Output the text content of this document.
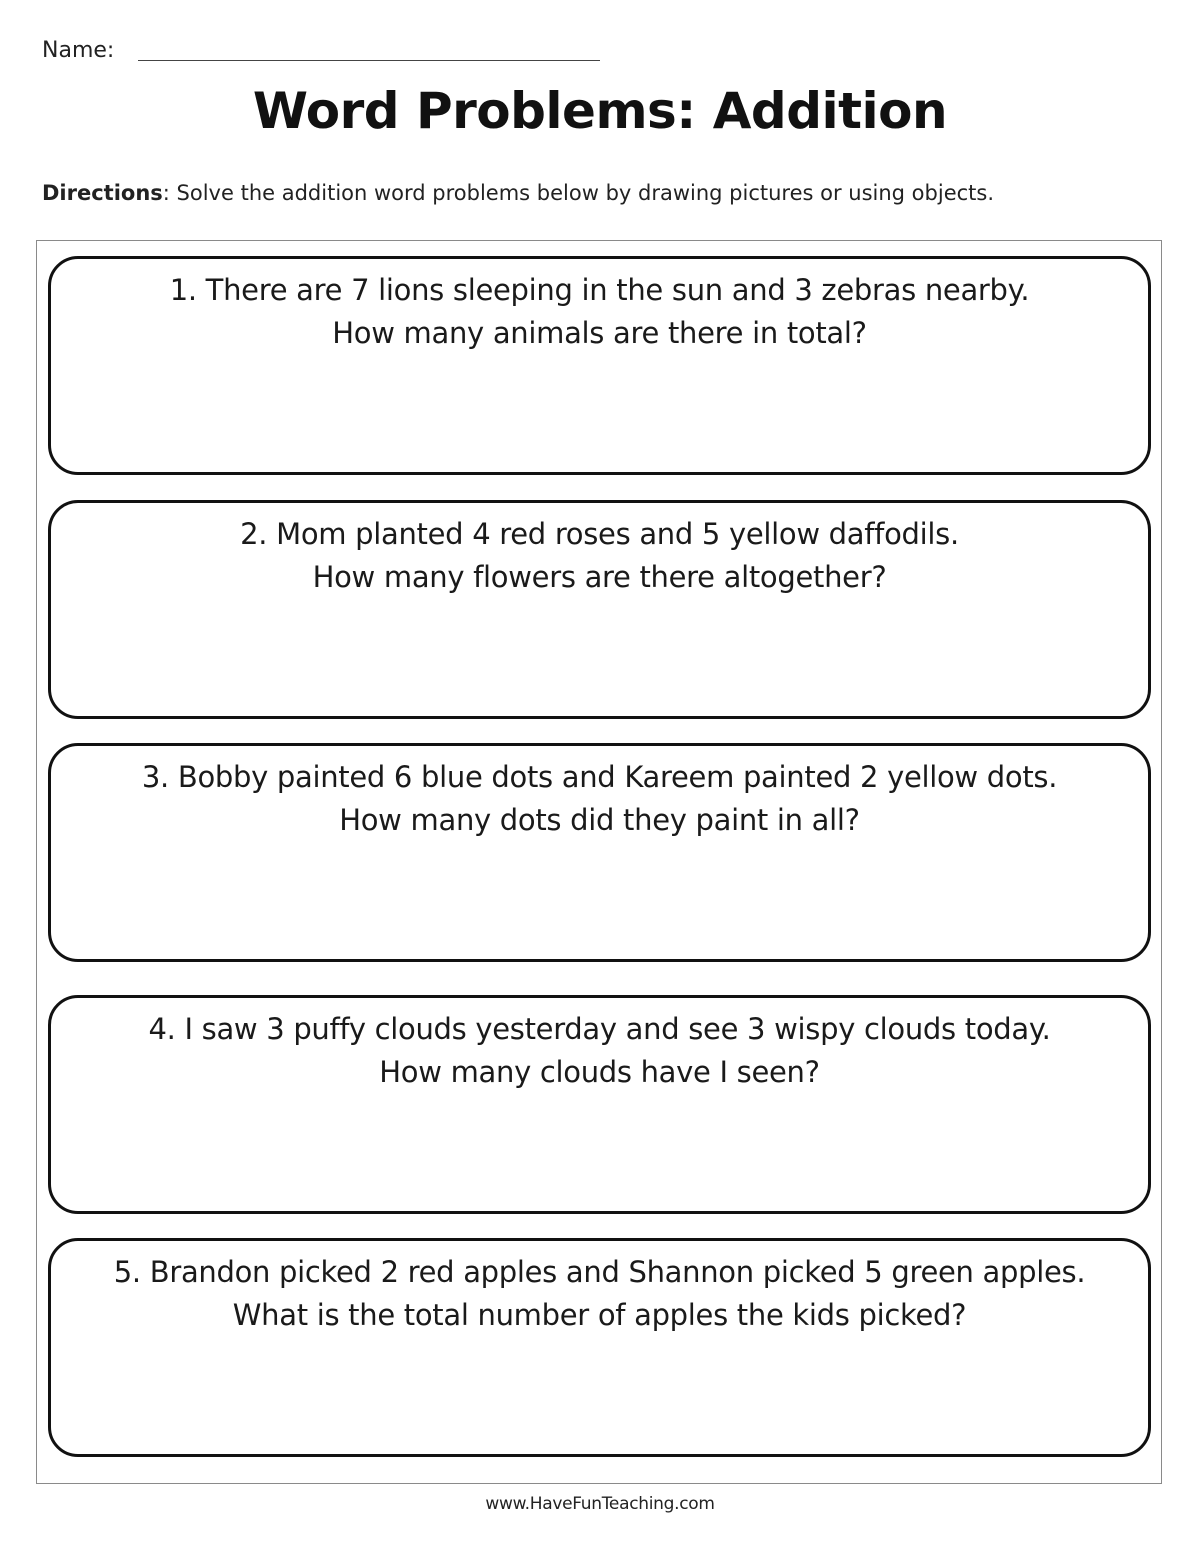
Name:
Word Problems: Addition
Directions: Solve the addition word problems below by drawing pictures or using objects.
1. There are 7 lions sleeping in the sun and 3 zebras nearby.
How many animals are there in total?
2. Mom planted 4 red roses and 5 yellow daffodils.
How many flowers are there altogether?
3. Bobby painted 6 blue dots and Kareem painted 2 yellow dots.
How many dots did they paint in all?
4. I saw 3 puffy clouds yesterday and see 3 wispy clouds today.
How many clouds have I seen?
5. Brandon picked 2 red apples and Shannon picked 5 green apples.
What is the total number of apples the kids picked?
www.HaveFunTeaching.com
